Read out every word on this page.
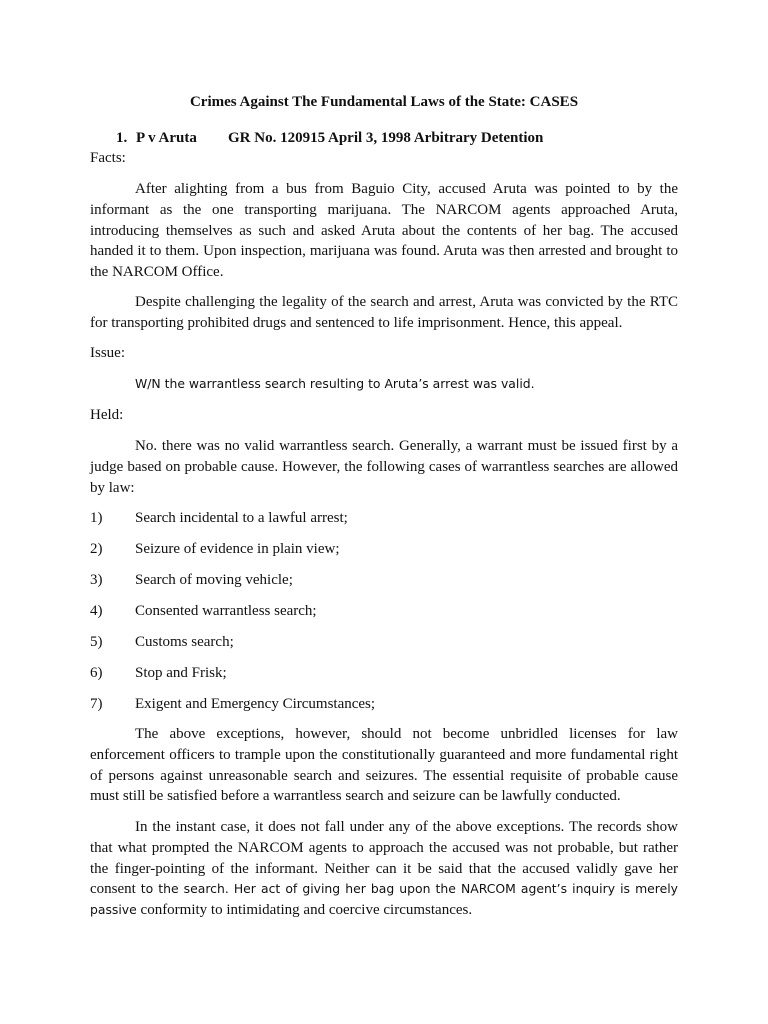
Crimes Against The Fundamental Laws of the State: CASES
1. P v Aruta GR No. 120915 April 3, 1998 Arbitrary Detention
Facts:
After alighting from a bus from Baguio City, accused Aruta was pointed to by the informant as the one transporting marijuana. The NARCOM agents approached Aruta, introducing themselves as such and asked Aruta about the contents of her bag. The accused handed it to them. Upon inspection, marijuana was found. Aruta was then arrested and brought to the NARCOM Office.
Despite challenging the legality of the search and arrest, Aruta was convicted by the RTC for transporting prohibited drugs and sentenced to life imprisonment. Hence, this appeal.
Issue:
W/N the warrantless search resulting to Aruta’s arrest was valid.
Held:
No. there was no valid warrantless search. Generally, a warrant must be issued first by a judge based on probable cause. However, the following cases of warrantless searches are allowed by law:
1) Search incidental to a lawful arrest;
2) Seizure of evidence in plain view;
3) Search of moving vehicle;
4) Consented warrantless search;
5) Customs search;
6) Stop and Frisk;
7) Exigent and Emergency Circumstances;
The above exceptions, however, should not become unbridled licenses for law enforcement officers to trample upon the constitutionally guaranteed and more fundamental right of persons against unreasonable search and seizures. The essential requisite of probable cause must still be satisfied before a warrantless search and seizure can be lawfully conducted.
In the instant case, it does not fall under any of the above exceptions. The records show that what prompted the NARCOM agents to approach the accused was not probable, but rather the finger-pointing of the informant. Neither can it be said that the accused validly gave her consent to the search. Her act of giving her bag upon the NARCOM agent’s inquiry is merely passive conformity to intimidating and coercive circumstances.
